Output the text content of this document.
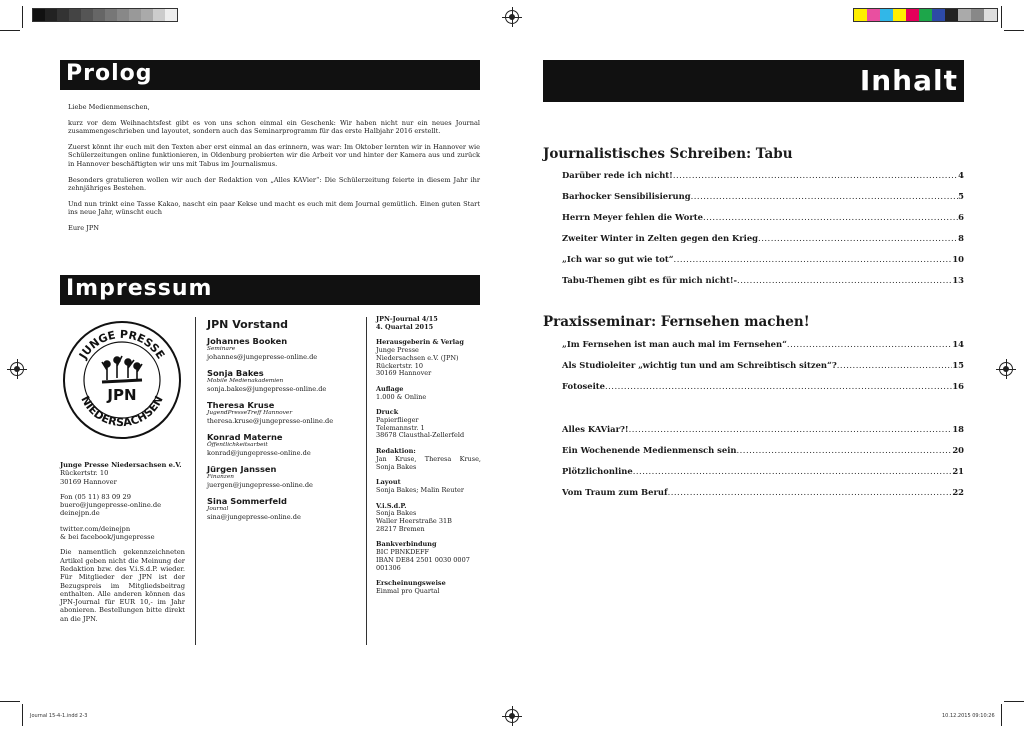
Journal 15-4-1.indd 2-3	10.12.2015 09:10:26
Prolog

Liebe Medienmenschen,

kurz vor dem Weihnachtsfest gibt es von uns schon einmal ein Geschenk: Wir haben nicht nur ein neues Journal zusammengeschrieben und layoutet, sondern auch das Seminarprogramm für das erste Halbjahr 2016 erstellt.

Zuerst könnt ihr euch mit den Texten aber erst einmal an das erinnern, was war: Im Oktober lernten wir in Hannover wie Schülerzeitungen online funktionieren, in Oldenburg probierten wir die Arbeit vor und hinter der Kamera aus und zurück in Hannover beschäftigten wir uns mit Tabus im Journalismus.

Besonders gratulieren wollen wir auch der Redaktion von „Alles KAVier“: Die Schülerzeitung feierte in diesem Jahr ihr zehnjähriges Bestehen.

Und nun trinkt eine Tasse Kakao, nascht ein paar Kekse und macht es euch mit dem Journal gemütlich. Einen guten Start ins neue Jahr, wünscht euch

Eure JPN

Impressum
JUNGE PRESSE
NIEDERSACHSEN
JPN
Junge Presse Niedersachsen e.V.
Rückertstr. 10
30169 Hannover
Fon (05 11) 83 09 29
buero@jungepresse-online.de
deinejpn.de
twitter.com/deinejpn
& bei facebook/jungepresse
Die namentlich gekennzeichneten Artikel geben nicht die Meinung der Redaktion bzw. des V.i.S.d.P. wieder. Für Mitglieder der JPN ist der Bezugspreis im Mitgliedsbeitrag enthalten. Alle anderen können das JPN-Journal für EUR 10,- im Jahr abonieren. Bestellungen bitte direkt an die JPN.
JPN Vorstand
Johannes Booken
Seminare
johannes@jungepresse-online.de
Sonja Bakes
Mobile Medienakademien
sonja.bakes@jungepresse-online.de
Theresa Kruse
JugendPresseTreff Hannover
theresa.kruse@jungepresse-online.de
Konrad Materne
Öffentlichkeitsarbeit
konrad@jungepresse-online.de
Jürgen Janssen
Finanzen
juergen@jungepresse-online.de
Sina Sommerfeld
Journal
sina@jungepresse-online.de
JPN-Journal 4/15
4. Quartal 2015
Herausgeberin & Verlag
Junge Presse
Niedersachsen e.V. (JPN)
Rückertstr. 10
30169 Hannover
Auflage
1.000 & Online
Druck
Papierflieger
Telemannstr. 1
38678 Clausthal-Zellerfeld
Redaktion:
Jan Kruse, Theresa Kruse, Sonja Bakes
Layout
Sonja Bakes; Malin Reuter
V.i.S.d.P.
Sonja Bakes
Waller Heerstraße 31B
28217 Bremen
Bankverbindung
BIC PBNKDEFF
IBAN DE84 2501 0030 0007
001306
Erscheinungsweise
Einmal pro Quartal
Inhalt
Journalistisches Schreiben: Tabu
Darüber rede ich nicht! .....	4
Barhocker Sensibilisierung .....	5
Herrn Meyer fehlen die Worte .....	6
Zweiter Winter in Zelten gegen den Krieg .....	8
„Ich war so gut wie tot“ .....	10
Tabu-Themen gibt es für mich nicht!- .....	13
Praxisseminar: Fernsehen machen!
„Im Fernsehen ist man auch mal im Fernsehen“ .....	14
Als Studioleiter „wichtig tun und am Schreibtisch sitzen“? .....	15
Fotoseite .....	16
Alles KAViar?! .....	18
Ein Wochenende Medienmensch sein .....	20
Plötzlichonline .....	21
Vom Traum zum Beruf .....	22
